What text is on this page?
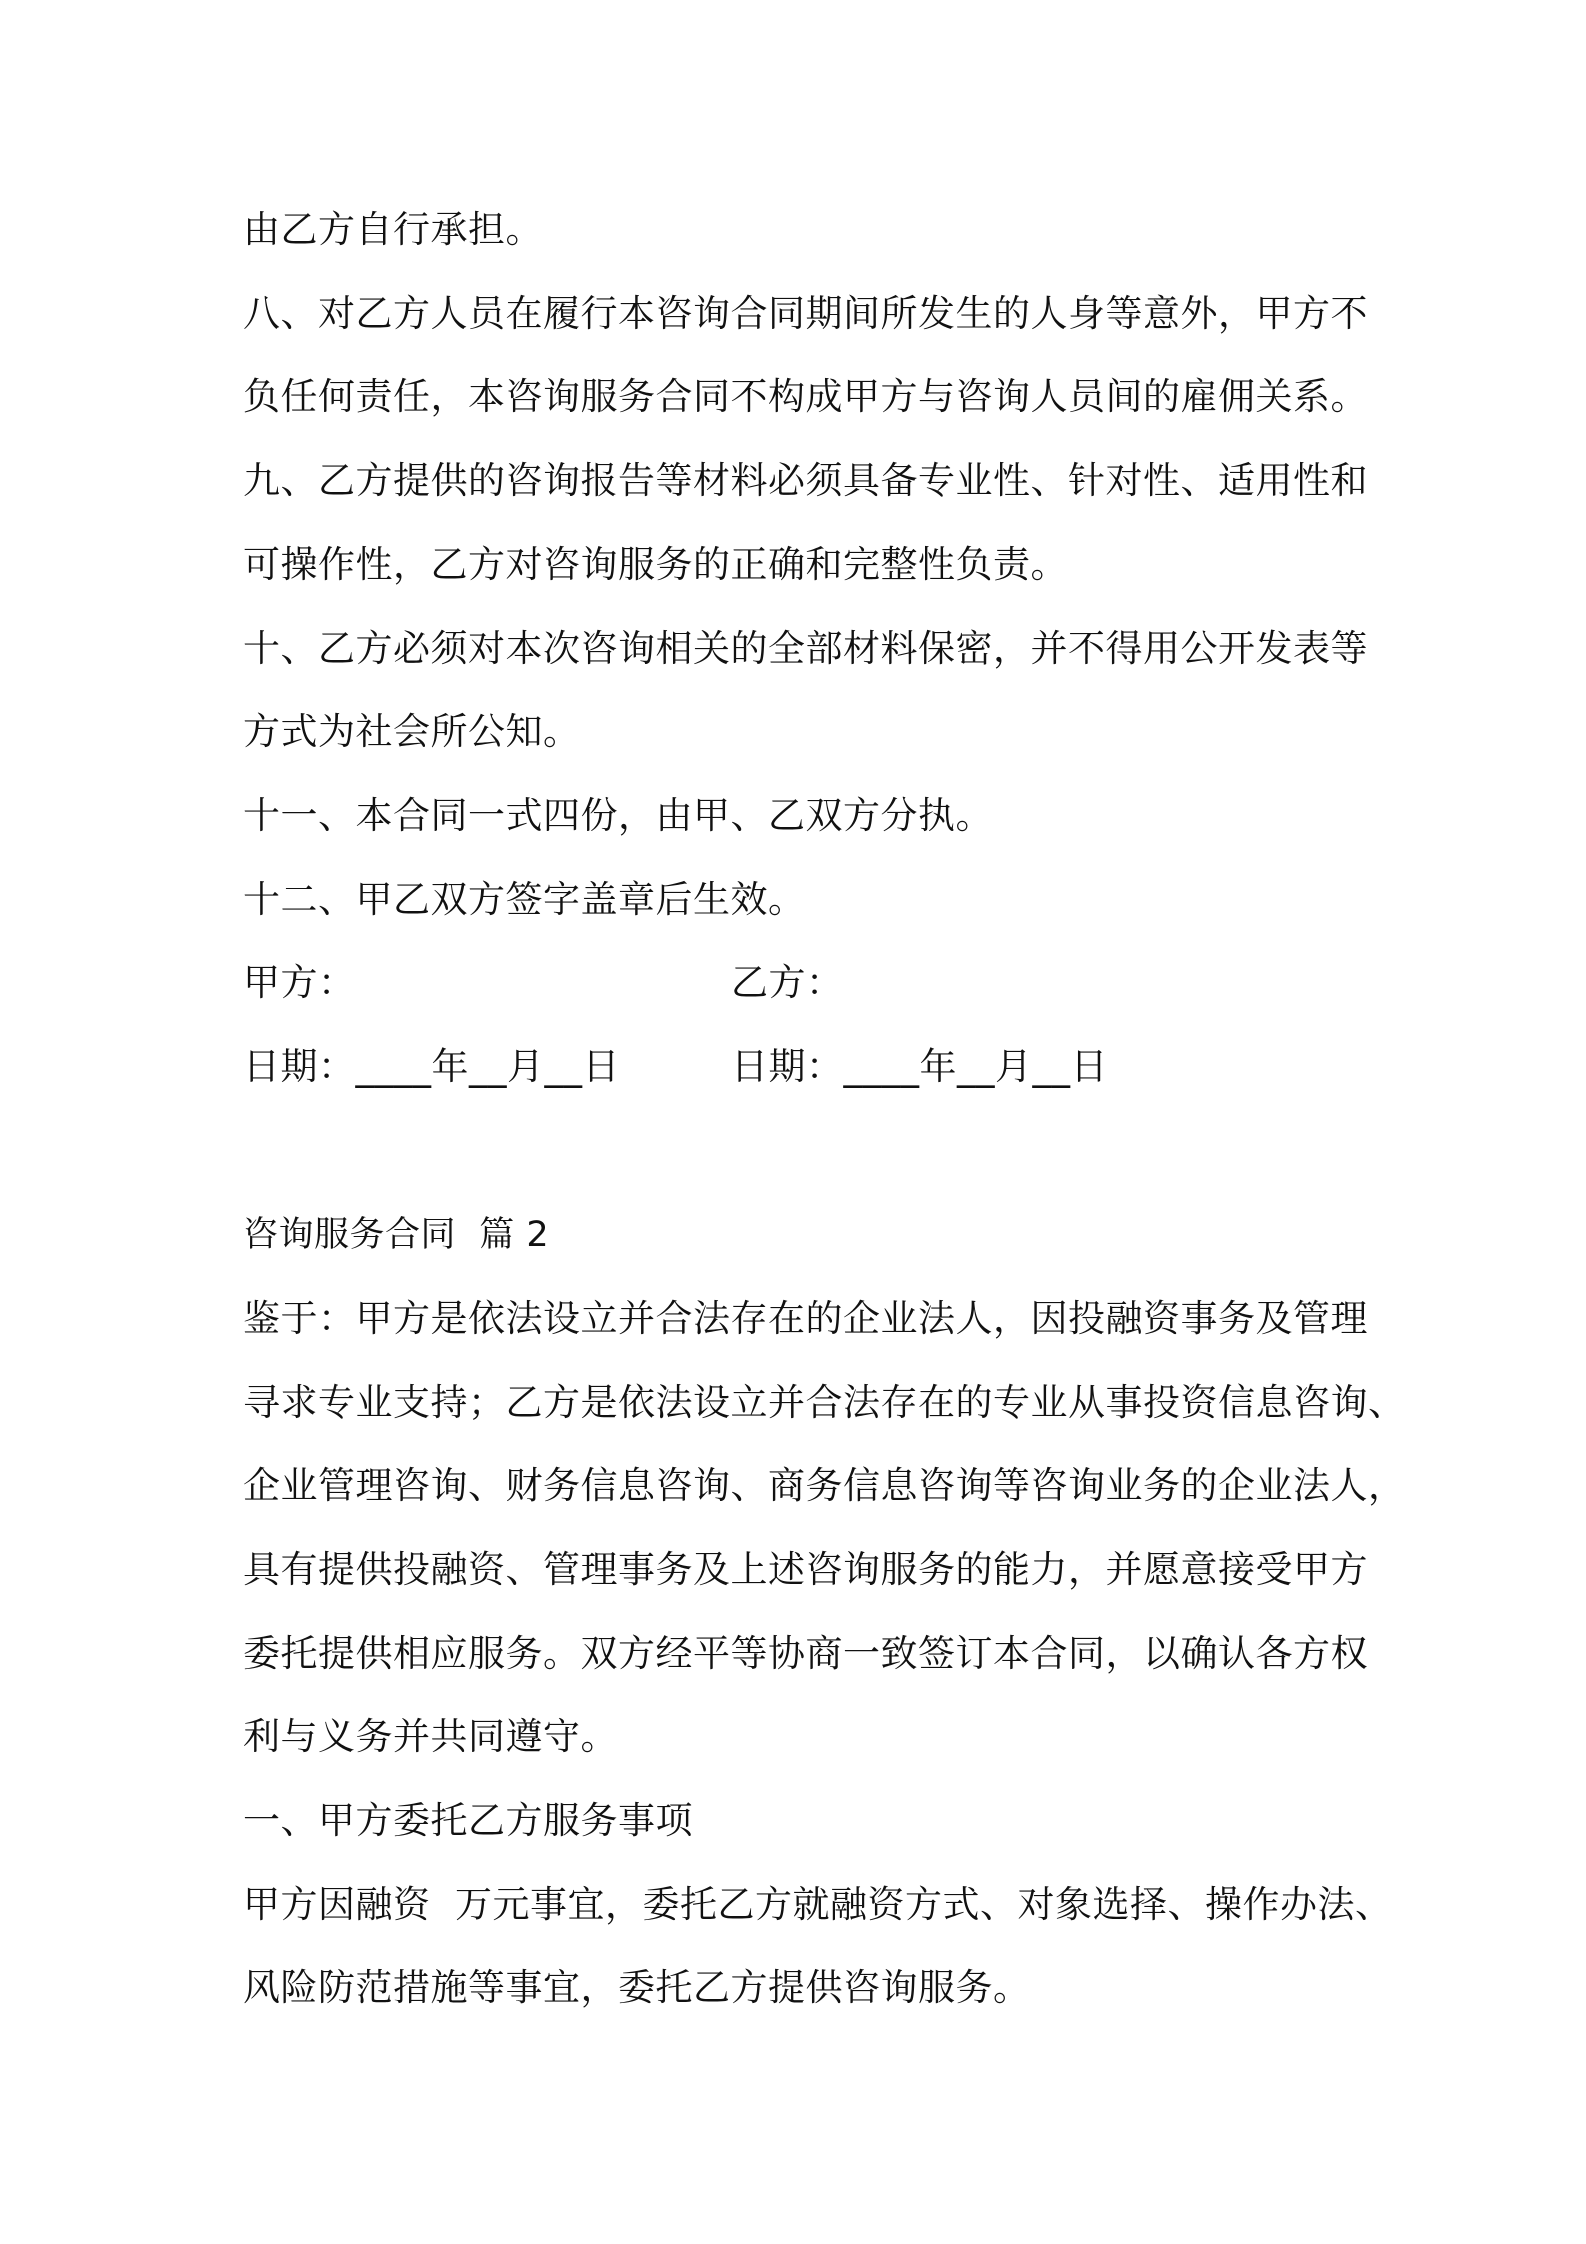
由乙方自行承担。
八、对乙方人员在履行本咨询合同期间所发生的人身等意外，甲方不
负任何责任，本咨询服务合同不构成甲方与咨询人员间的雇佣关系。
九、乙方提供的咨询报告等材料必须具备专业性、针对性、适用性和
可操作性，乙方对咨询服务的正确和完整性负责。
十、乙方必须对本次咨询相关的全部材料保密，并不得用公开发表等
方式为社会所公知。
十一、本合同一式四份，由甲、乙双方分执。
十二、甲乙双方签字盖章后生效。
甲方：	乙方：
日期：____年__月__日	日期：____年__月__日
咨询服务合同  篇 2
鉴于：甲方是依法设立并合法存在的企业法人，因投融资事务及管理
寻求专业支持；乙方是依法设立并合法存在的专业从事投资信息咨询、
企业管理咨询、财务信息咨询、商务信息咨询等咨询业务的企业法人，
具有提供投融资、管理事务及上述咨询服务的能力，并愿意接受甲方
委托提供相应服务。双方经平等协商一致签订本合同，以确认各方权
利与义务并共同遵守。
一、甲方委托乙方服务事项
甲方因融资  万元事宜，委托乙方就融资方式、对象选择、操作办法、
风险防范措施等事宜，委托乙方提供咨询服务。
